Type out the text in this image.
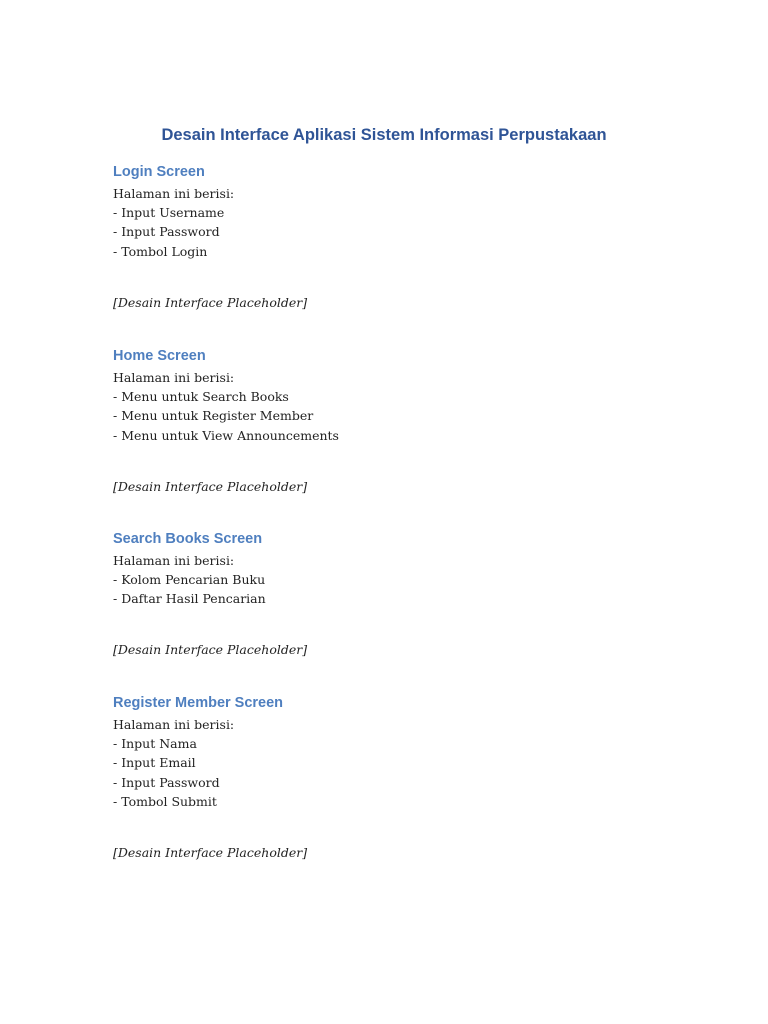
Desain Interface Aplikasi Sistem Informasi Perpustakaan
Login Screen

Halaman ini berisi:

- Input Username

- Input Password

- Tombol Login

[Desain Interface Placeholder]

Home Screen

Halaman ini berisi:

- Menu untuk Search Books

- Menu untuk Register Member

- Menu untuk View Announcements

[Desain Interface Placeholder]

Search Books Screen

Halaman ini berisi:

- Kolom Pencarian Buku

- Daftar Hasil Pencarian

[Desain Interface Placeholder]

Register Member Screen

Halaman ini berisi:

- Input Nama

- Input Email

- Input Password

- Tombol Submit

[Desain Interface Placeholder]
